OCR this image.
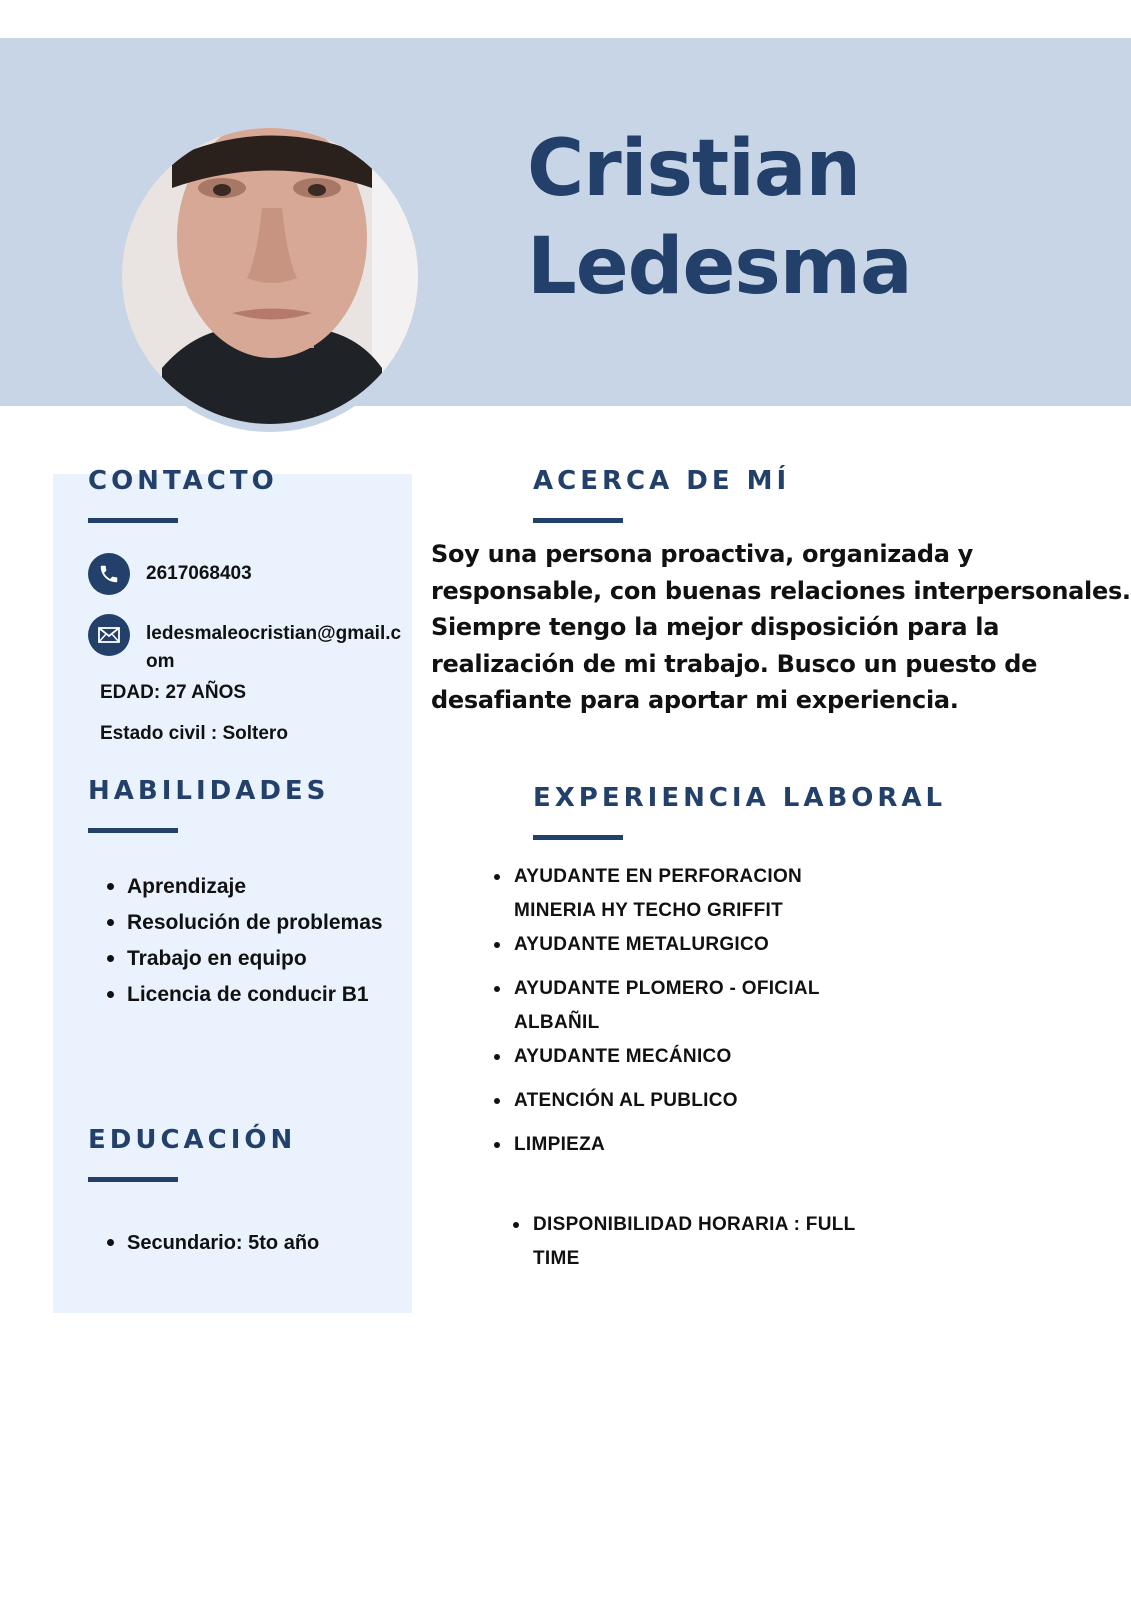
Cristian
Ledesma
CONTACTO
2617068403
ledesmaleocristian@gmail.com
EDAD: 27 AÑOS
Estado civil : Soltero
HABILIDADES
Aprendizaje
Resolución de problemas
Trabajo en equipo
Licencia de conducir B1
EDUCACIÓN
Secundario: 5to año
ACERCA DE MÍ

Soy una persona proactiva, organizada y responsable, con buenas relaciones interpersonales. Siempre tengo la mejor disposición para la realización de mi trabajo. Busco un puesto de desafiante para aportar mi experiencia.

EXPERIENCIA LABORAL
AYUDANTE EN PERFORACION MINERIA HY TECHO GRIFFIT
AYUDANTE METALURGICO
AYUDANTE PLOMERO - OFICIAL ALBAÑIL
AYUDANTE MECÁNICO
ATENCIÓN AL PUBLICO
LIMPIEZA
DISPONIBILIDAD HORARIA : FULL TIME
